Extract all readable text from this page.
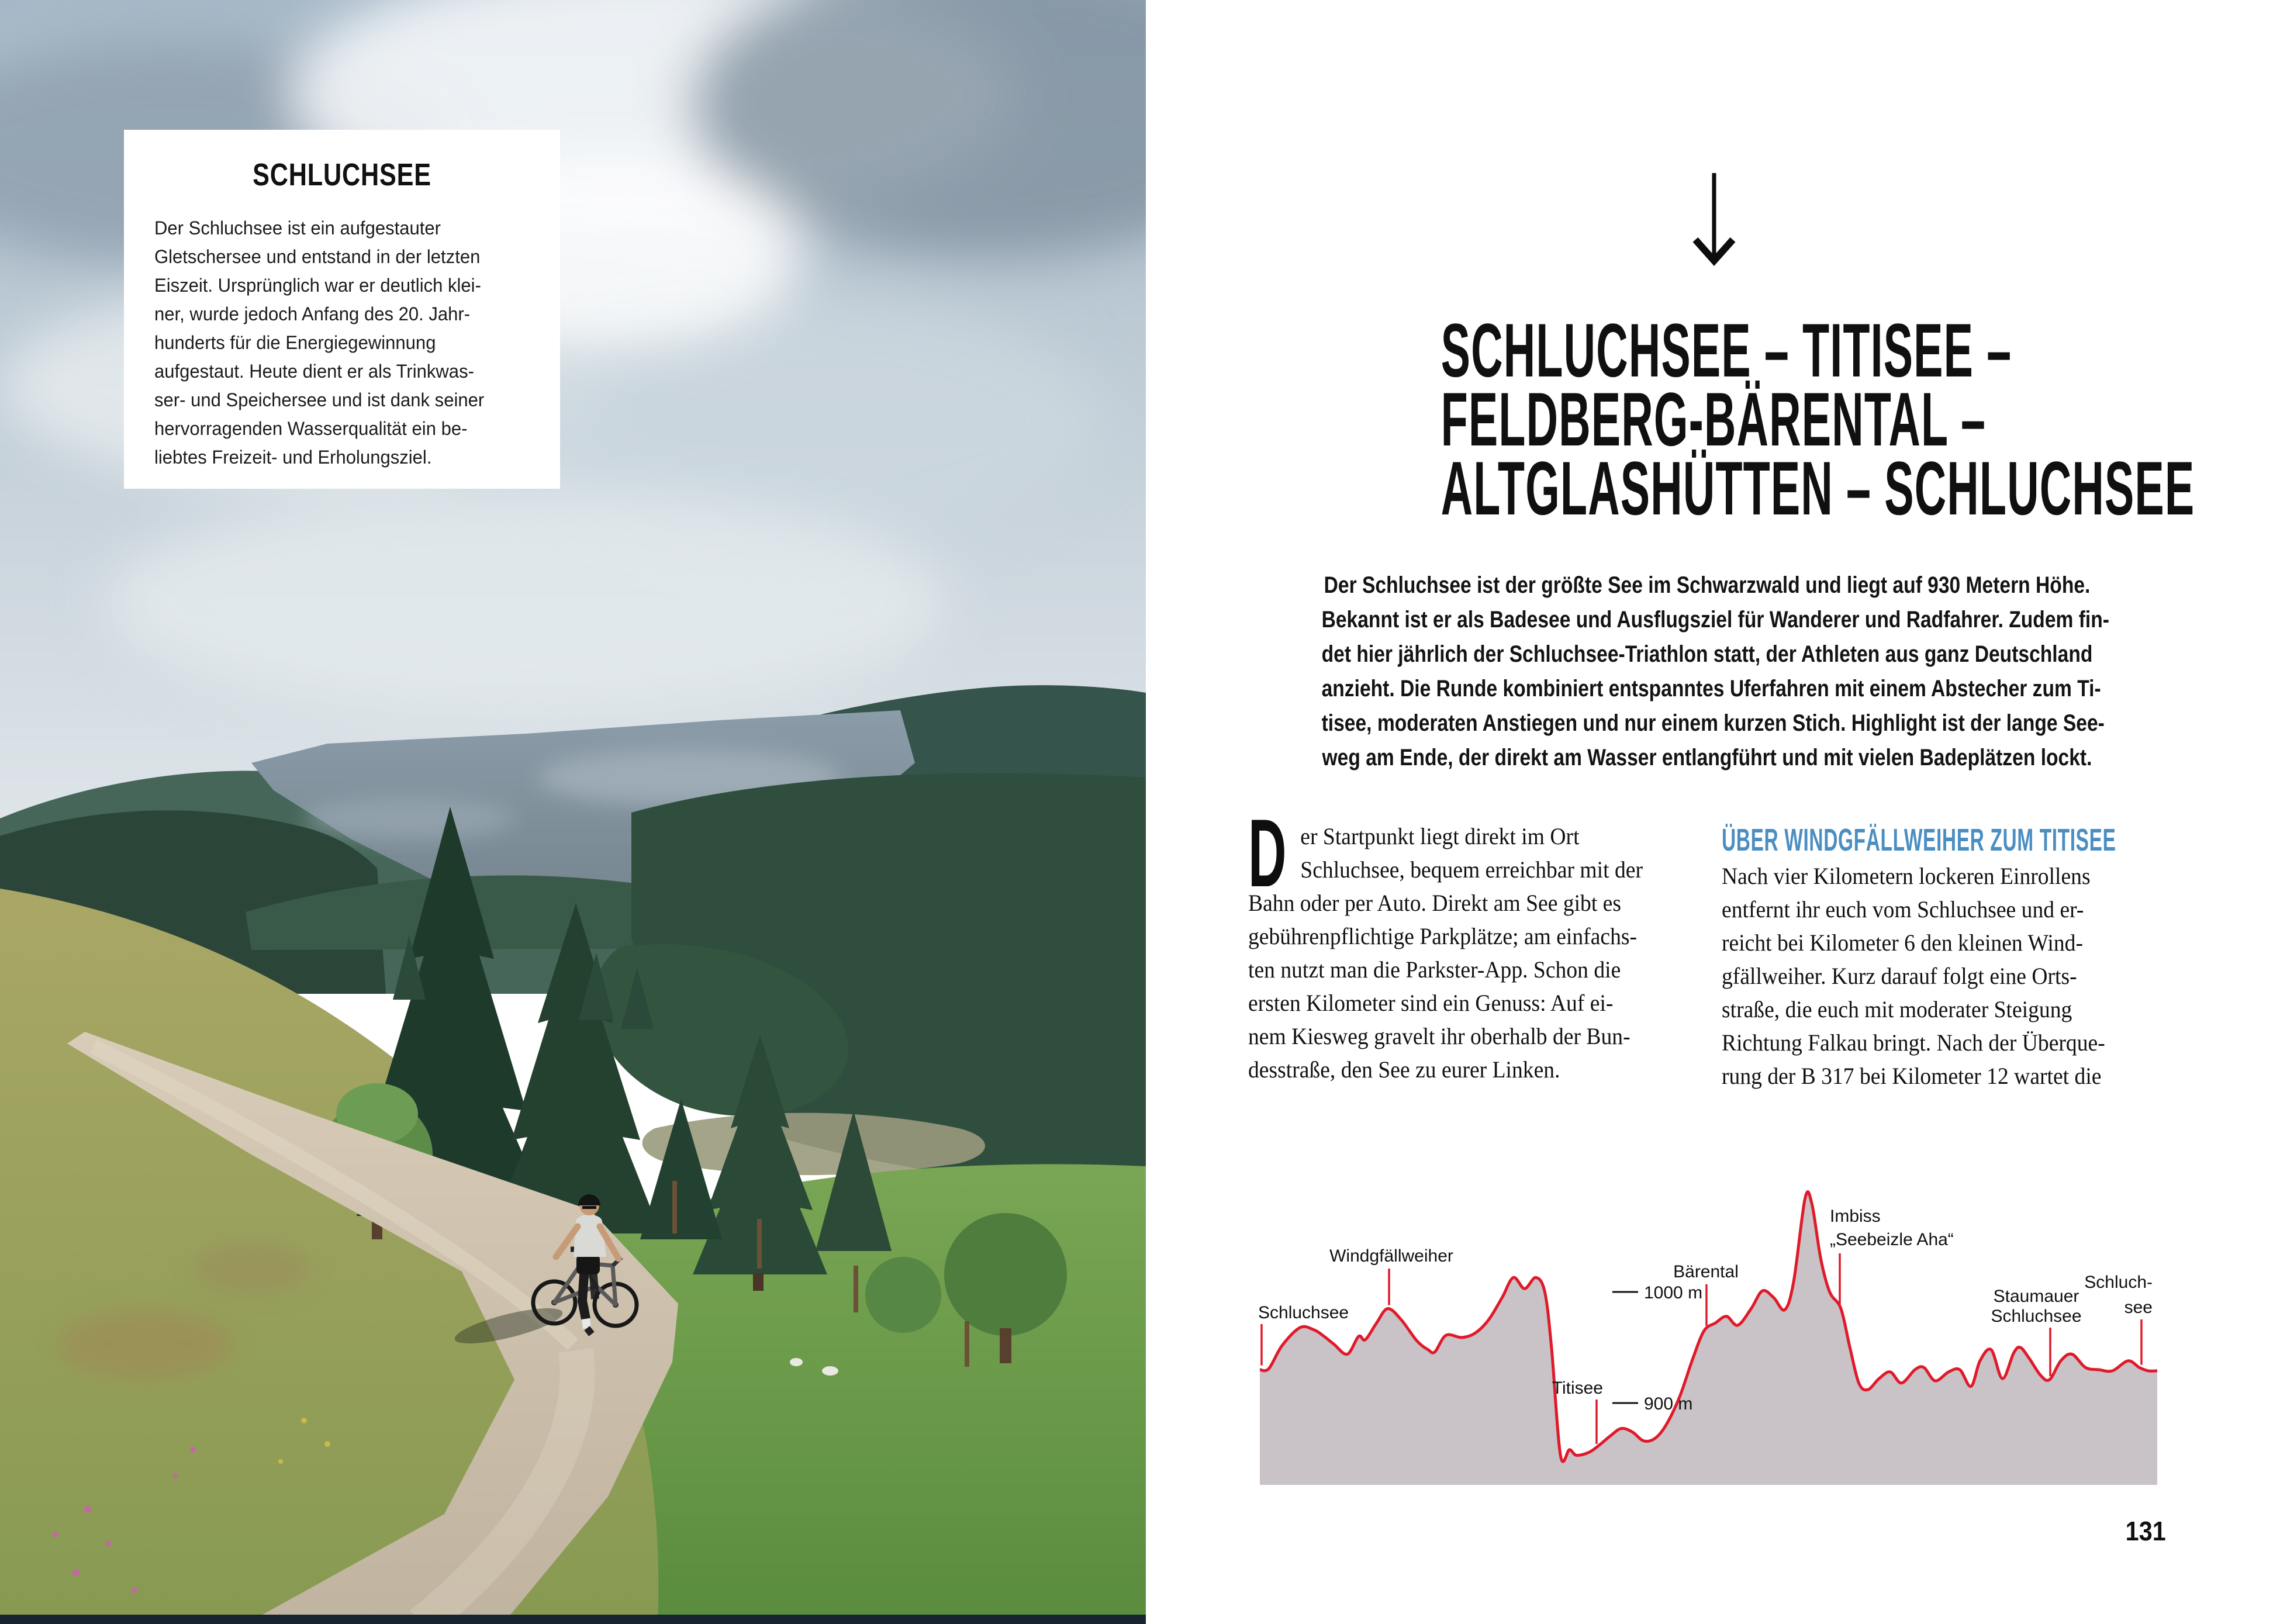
SCHLUCHSEE
Der Schluchsee ist ein aufgestauter
Gletschersee und entstand in der letzten
Eiszeit. Ursprünglich war er deutlich klei-
ner, wurde jedoch Anfang des 20. Jahr-
hunderts für die Energiegewinnung
aufgestaut. Heute dient er als Trinkwas-
ser- und Speichersee und ist dank seiner
hervorragenden Wasserqualität ein be-
liebtes Freizeit- und Erholungsziel.
SCHLUCHSEE – TITISEE –
FELDBERG-BÄRENTAL –
ALTGLASHÜTTEN – SCHLUCHSEE
Der Schluchsee ist der größte See im Schwarzwald und liegt auf 930 Metern Höhe.
Bekannt ist er als Badesee und Ausflugsziel für Wanderer und Radfahrer. Zudem fin-
det hier jährlich der Schluchsee-Triathlon statt, der Athleten aus ganz Deutschland
anzieht. Die Runde kombiniert entspanntes Uferfahren mit einem Abstecher zum Ti-
tisee, moderaten Anstiegen und nur einem kurzen Stich. Highlight ist der lange See-
weg am Ende, der direkt am Wasser entlangführt und mit vielen Badeplätzen lockt.
D er Startpunkt liegt direkt im Ort
Schluchsee, bequem erreichbar mit der
Bahn oder per Auto. Direkt am See gibt es
gebührenpflichtige Parkplätze; am einfachs-
ten nutzt man die Parkster-App. Schon die
ersten Kilometer sind ein Genuss: Auf ei-
nem Kiesweg gravelt ihr oberhalb der Bun-
desstraße, den See zu eurer Linken.
ÜBER WINDGFÄLLWEIHER ZUM TITISEE
Nach vier Kilometern lockeren Einrollens
entfernt ihr euch vom Schluchsee und er-
reicht bei Kilometer 6 den kleinen Wind-
gfällweiher. Kurz darauf folgt eine Orts-
straße, die euch mit moderater Steigung
Richtung Falkau bringt. Nach der Überque-
rung der B 317 bei Kilometer 12 wartet die
1000 m
900 m
Schluchsee
Windgfällweiher
Titisee
Bärental
Imbiss
„Seebeizle Aha“
Staumauer
Schluchsee
Schluch-
see
131
